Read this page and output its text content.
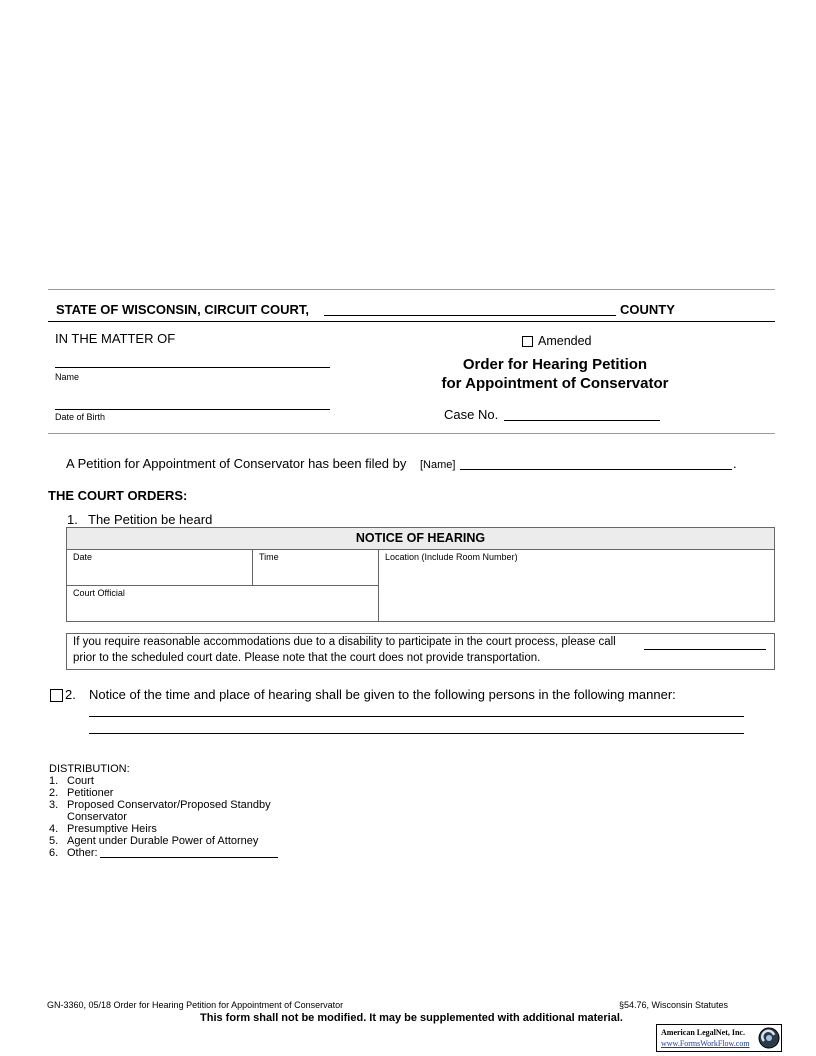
STATE OF WISCONSIN, CIRCUIT COURT,	COUNTY
IN THE MATTER OF
Name
Date of Birth
Amended
Order for Hearing Petition
for Appointment of Conservator
Case No.
A Petition for Appointment of Conservator has been filed by [Name]	.
THE COURT ORDERS:
1. The Petition be heard
NOTICE OF HEARING
Date	Time	Location (Include Room Number)
Court Official
If you require reasonable accommodations due to a disability to participate in the court process, please call
prior to the scheduled court date. Please note that the court does not provide transportation.
2. Notice of the time and place of hearing shall be given to the following persons in the following manner:
DISTRIBUTION:
1. Court
2. Petitioner
3. Proposed Conservator/Proposed Standby
Conservator
4. Presumptive Heirs
5. Agent under Durable Power of Attorney
6. Other:
GN-3360, 05/18 Order for Hearing Petition for Appointment of Conservator	§54.76, Wisconsin Statutes
This form shall not be modified. It may be supplemented with additional material.
American LegalNet, Inc.
www.FormsWorkFlow.com
